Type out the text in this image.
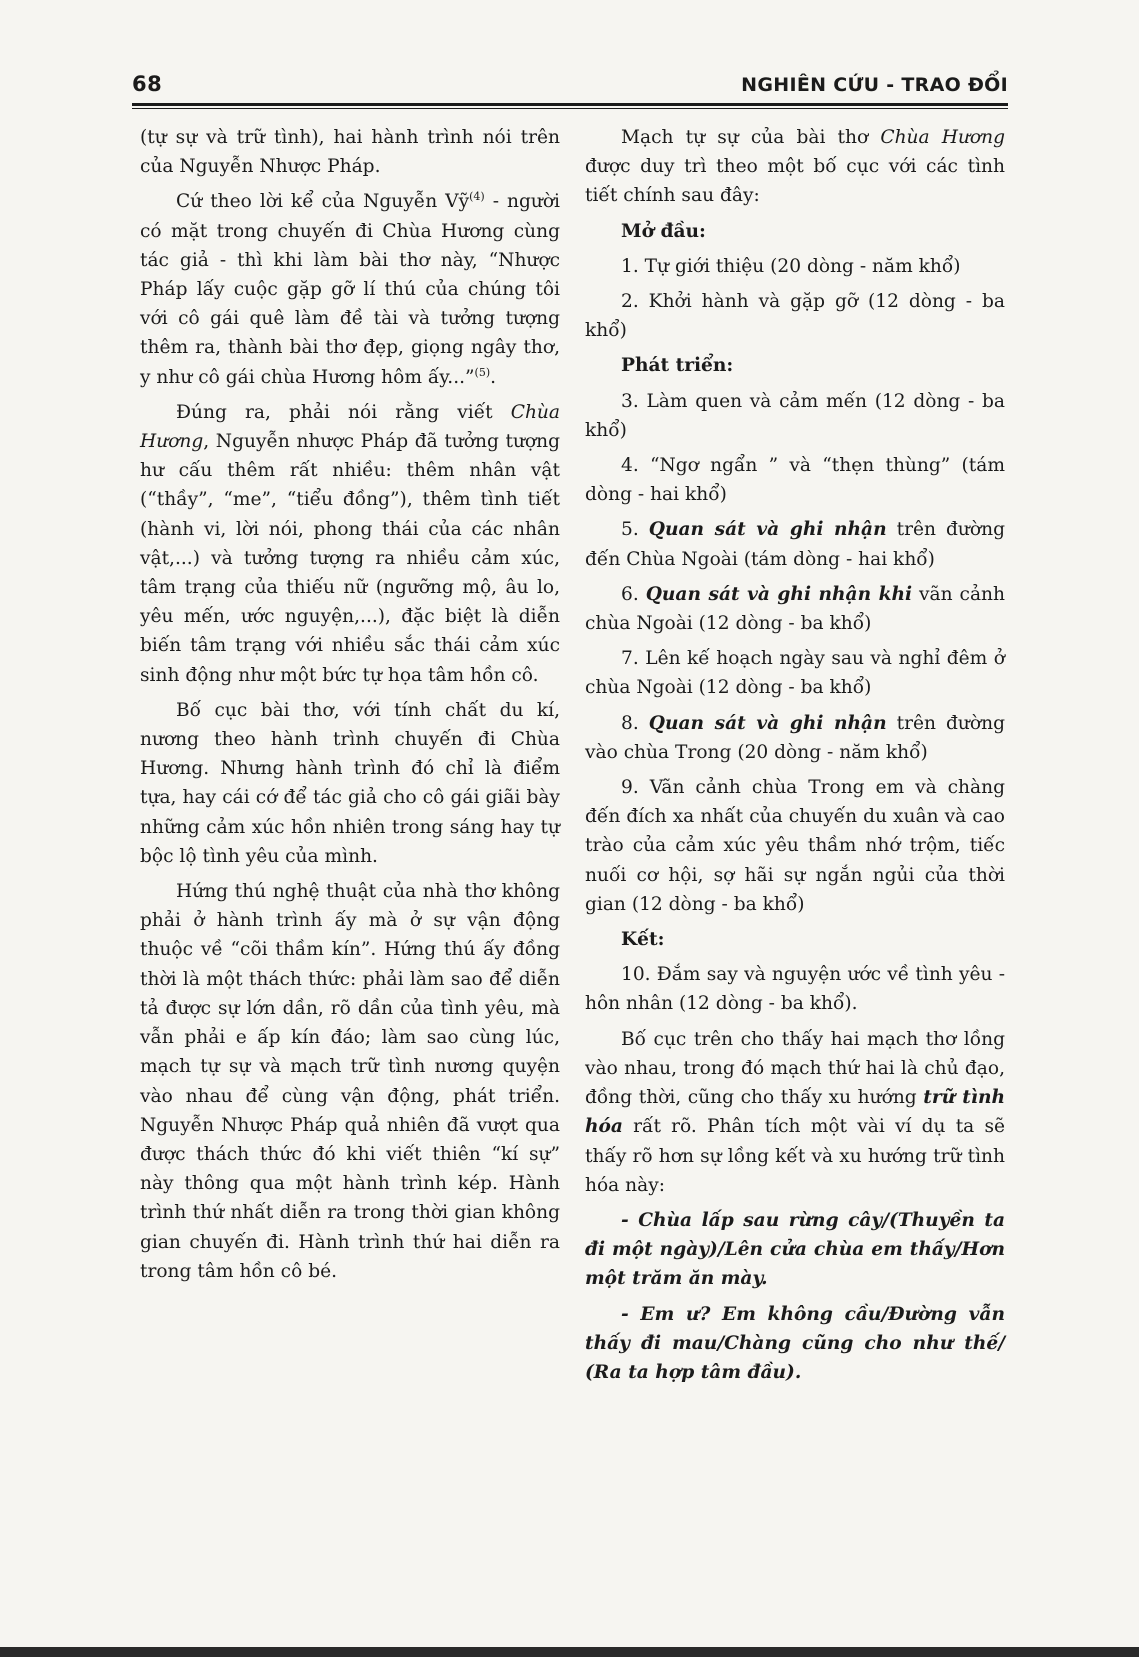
68	NGHIÊN CỨU - TRAO ĐỔI

(tự sự và trữ tình), hai hành trình nói trên của Nguyễn Nhược Pháp.

Cứ theo lời kể của Nguyễn Vỹ$^{(4)}$ - người có mặt trong chuyến đi Chùa Hương cùng tác giả - thì khi làm bài thơ này, “Nhược Pháp lấy cuộc gặp gỡ lí thú của chúng tôi với cô gái quê làm đề tài và tưởng tượng thêm ra, thành bài thơ đẹp, giọng ngây thơ, y như cô gái chùa Hương hôm ấy...”$^{(5)}$.

Đúng ra, phải nói rằng viết Chùa Hương, Nguyễn nhược Pháp đã tưởng tượng hư cấu thêm rất nhiều: thêm nhân vật (“thầy”, “me”, “tiểu đồng”), thêm tình tiết (hành vi, lời nói, phong thái của các nhân vật,...) và tưởng tượng ra nhiều cảm xúc, tâm trạng của thiếu nữ (ngưỡng mộ, âu lo, yêu mến, ước nguyện,...), đặc biệt là diễn biến tâm trạng với nhiều sắc thái cảm xúc sinh động như một bức tự họa tâm hồn cô.

Bố cục bài thơ, với tính chất du kí, nương theo hành trình chuyến đi Chùa Hương. Nhưng hành trình đó chỉ là điểm tựa, hay cái cớ để tác giả cho cô gái giãi bày những cảm xúc hồn nhiên trong sáng hay tự bộc lộ tình yêu của mình.

Hứng thú nghệ thuật của nhà thơ không phải ở hành trình ấy mà ở sự vận động thuộc về “cõi thầm kín”. Hứng thú ấy đồng thời là một thách thức: phải làm sao để diễn tả được sự lớn dần, rõ dần của tình yêu, mà vẫn phải e ấp kín đáo; làm sao cùng lúc, mạch tự sự và mạch trữ tình nương quyện vào nhau để cùng vận động, phát triển. Nguyễn Nhược Pháp quả nhiên đã vượt qua được thách thức đó khi viết thiên “kí sự” này thông qua một hành trình kép. Hành trình thứ nhất diễn ra trong thời gian không gian chuyến đi. Hành trình thứ hai diễn ra trong tâm hồn cô bé.

Mạch tự sự của bài thơ Chùa Hương được duy trì theo một bố cục với các tình tiết chính sau đây:

Mở đầu:

1. Tự giới thiệu (20 dòng - năm khổ)

2. Khởi hành và gặp gỡ (12 dòng - ba khổ)

Phát triển:

3. Làm quen và cảm mến (12 dòng - ba khổ)

4. “Ngơ ngẩn ” và “thẹn thùng” (tám dòng - hai khổ)

5. Quan sát và ghi nhận trên đường đến Chùa Ngoài (tám dòng - hai khổ)

6. Quan sát và ghi nhận khi vãn cảnh chùa Ngoài (12 dòng - ba khổ)

7. Lên kế hoạch ngày sau và nghỉ đêm ở chùa Ngoài (12 dòng - ba khổ)

8. Quan sát và ghi nhận trên đường vào chùa Trong (20 dòng - năm khổ)

9. Vãn cảnh chùa Trong em và chàng đến đích xa nhất của chuyến du xuân và cao trào của cảm xúc yêu thầm nhớ trộm, tiếc nuối cơ hội, sợ hãi sự ngắn ngủi của thời gian (12 dòng - ba khổ)

Kết:

10. Đắm say và nguyện ước về tình yêu - hôn nhân (12 dòng - ba khổ).

Bố cục trên cho thấy hai mạch thơ lồng vào nhau, trong đó mạch thứ hai là chủ đạo, đồng thời, cũng cho thấy xu hướng trữ tình hóa rất rõ. Phân tích một vài ví dụ ta sẽ thấy rõ hơn sự lồng kết và xu hướng trữ tình hóa này:

- Chùa lấp sau rừng cây/(Thuyền ta đi một ngày)/Lên cửa chùa em thấy/Hơn một trăm ăn mày.

- Em ư? Em không cầu/Đường vẫn thấy đi mau/Chàng cũng cho như thế/ (Ra ta hợp tâm đầu).
